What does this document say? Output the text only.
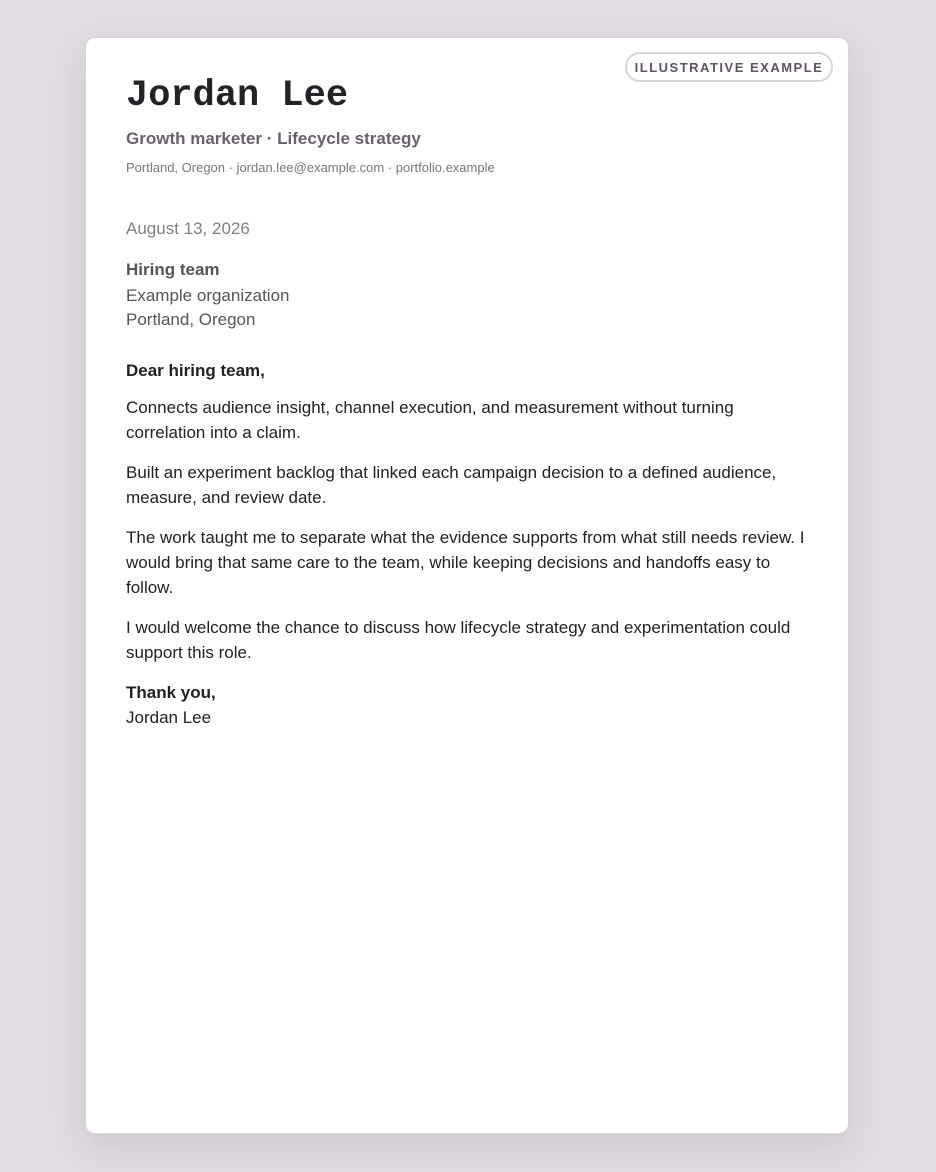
ILLUSTRATIVE EXAMPLE
Jordan Lee
Growth marketer · Lifecycle strategy
Portland, Oregon · jordan.lee@example.com · portfolio.example
August 13, 2026
Hiring team
Example organization
Portland, Oregon

Dear hiring team,

Connects audience insight, channel execution, and measurement without turning correlation into a claim.

Built an experiment backlog that linked each campaign decision to a defined audience, measure, and review date.

The work taught me to separate what the evidence supports from what still needs review. I would bring that same care to the team, while keeping decisions and handoffs easy to follow.

I would welcome the chance to discuss how lifecycle strategy and experimentation could support this role.

Thank you,
Jordan Lee
